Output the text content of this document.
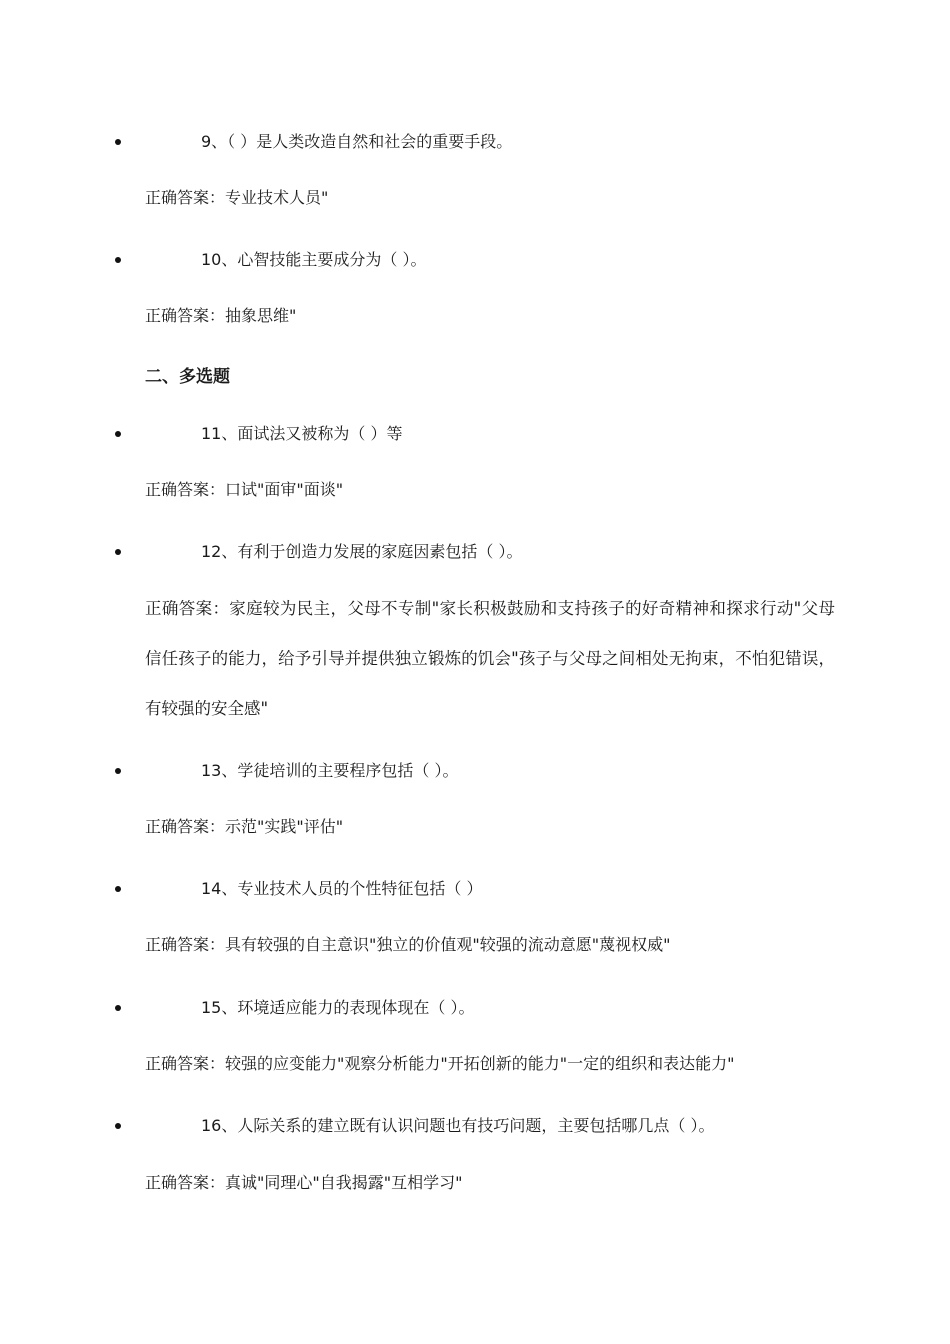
9、（ ）是人类改造自然和社会的重要手段。
正确答案：专业技术人员"
10、心智技能主要成分为（ ）。
正确答案：抽象思维"
二、多选题
11、面试法又被称为（ ）等
正确答案：口试"面审"面谈"
12、有利于创造力发展的家庭因素包括（ ）。
正确答案：家庭较为民主，父母不专制"家长积极鼓励和支持孩子的好奇精神和探求行动"父母信任孩子的能力，给予引导并提供独立锻炼的饥会"孩子与父母之间相处无拘束，不怕犯错误，有较强的安全感"
13、学徒培训的主要程序包括（ ）。
正确答案：示范"实践"评估"
14、专业技术人员的个性特征包括（ ）
正确答案：具有较强的自主意识"独立的价值观"较强的流动意愿"蔑视权威"
15、环境适应能力的表现体现在（ ）。
正确答案：较强的应变能力"观察分析能力"开拓创新的能力"一定的组织和表达能力"
16、人际关系的建立既有认识问题也有技巧问题，主要包括哪几点（ ）。
正确答案：真诚"同理心"自我揭露"互相学习"
